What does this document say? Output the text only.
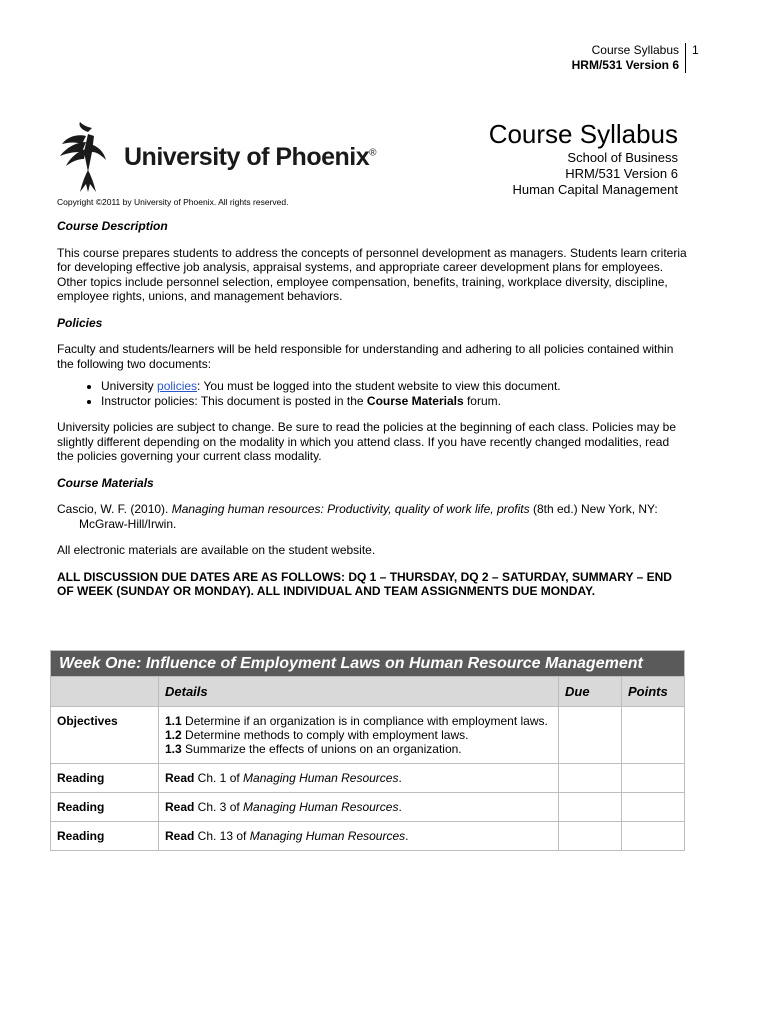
Course Syllabus
HRM/531 Version 6
1
University of Phoenix®
Course Syllabus
School of Business
HRM/531 Version 6
Human Capital Management
Copyright ©2011 by University of Phoenix. All rights reserved.
Course Description

This course prepares students to address the concepts of personnel development as managers. Students learn criteria for developing effective job analysis, appraisal systems, and appropriate career development plans for employees. Other topics include personnel selection, employee compensation, benefits, training, workplace diversity, discipline, employee rights, unions, and management behaviors.

Policies

Faculty and students/learners will be held responsible for understanding and adhering to all policies contained within the following two documents:

• University policies: You must be logged into the student website to view this document.
• Instructor policies: This document is posted in the Course Materials forum.

University policies are subject to change. Be sure to read the policies at the beginning of each class. Policies may be slightly different depending on the modality in which you attend class. If you have recently changed modalities, read the policies governing your current class modality.

Course Materials

Cascio, W. F. (2010). Managing human resources: Productivity, quality of work life, profits (8th ed.) New York, NY: McGraw-Hill/Irwin.

All electronic materials are available on the student website.

ALL DISCUSSION DUE DATES ARE AS FOLLOWS: DQ 1 – THURSDAY, DQ 2 – SATURDAY, SUMMARY – END OF WEEK (SUNDAY OR MONDAY). ALL INDIVIDUAL AND TEAM ASSIGNMENTS DUE MONDAY.

Week One: Influence of Employment Laws on Human Resource Management			
	Details	Due	Points
Objectives	1.1 Determine if an organization is in compliance with employment laws.
1.2 Determine methods to comply with employment laws.
1.3 Summarize the effects of unions on an organization.		

Reading	Read Ch. 1 of Managing Human Resources.		
Reading	Read Ch. 3 of Managing Human Resources.		
Reading	Read Ch. 13 of Managing Human Resources.		
